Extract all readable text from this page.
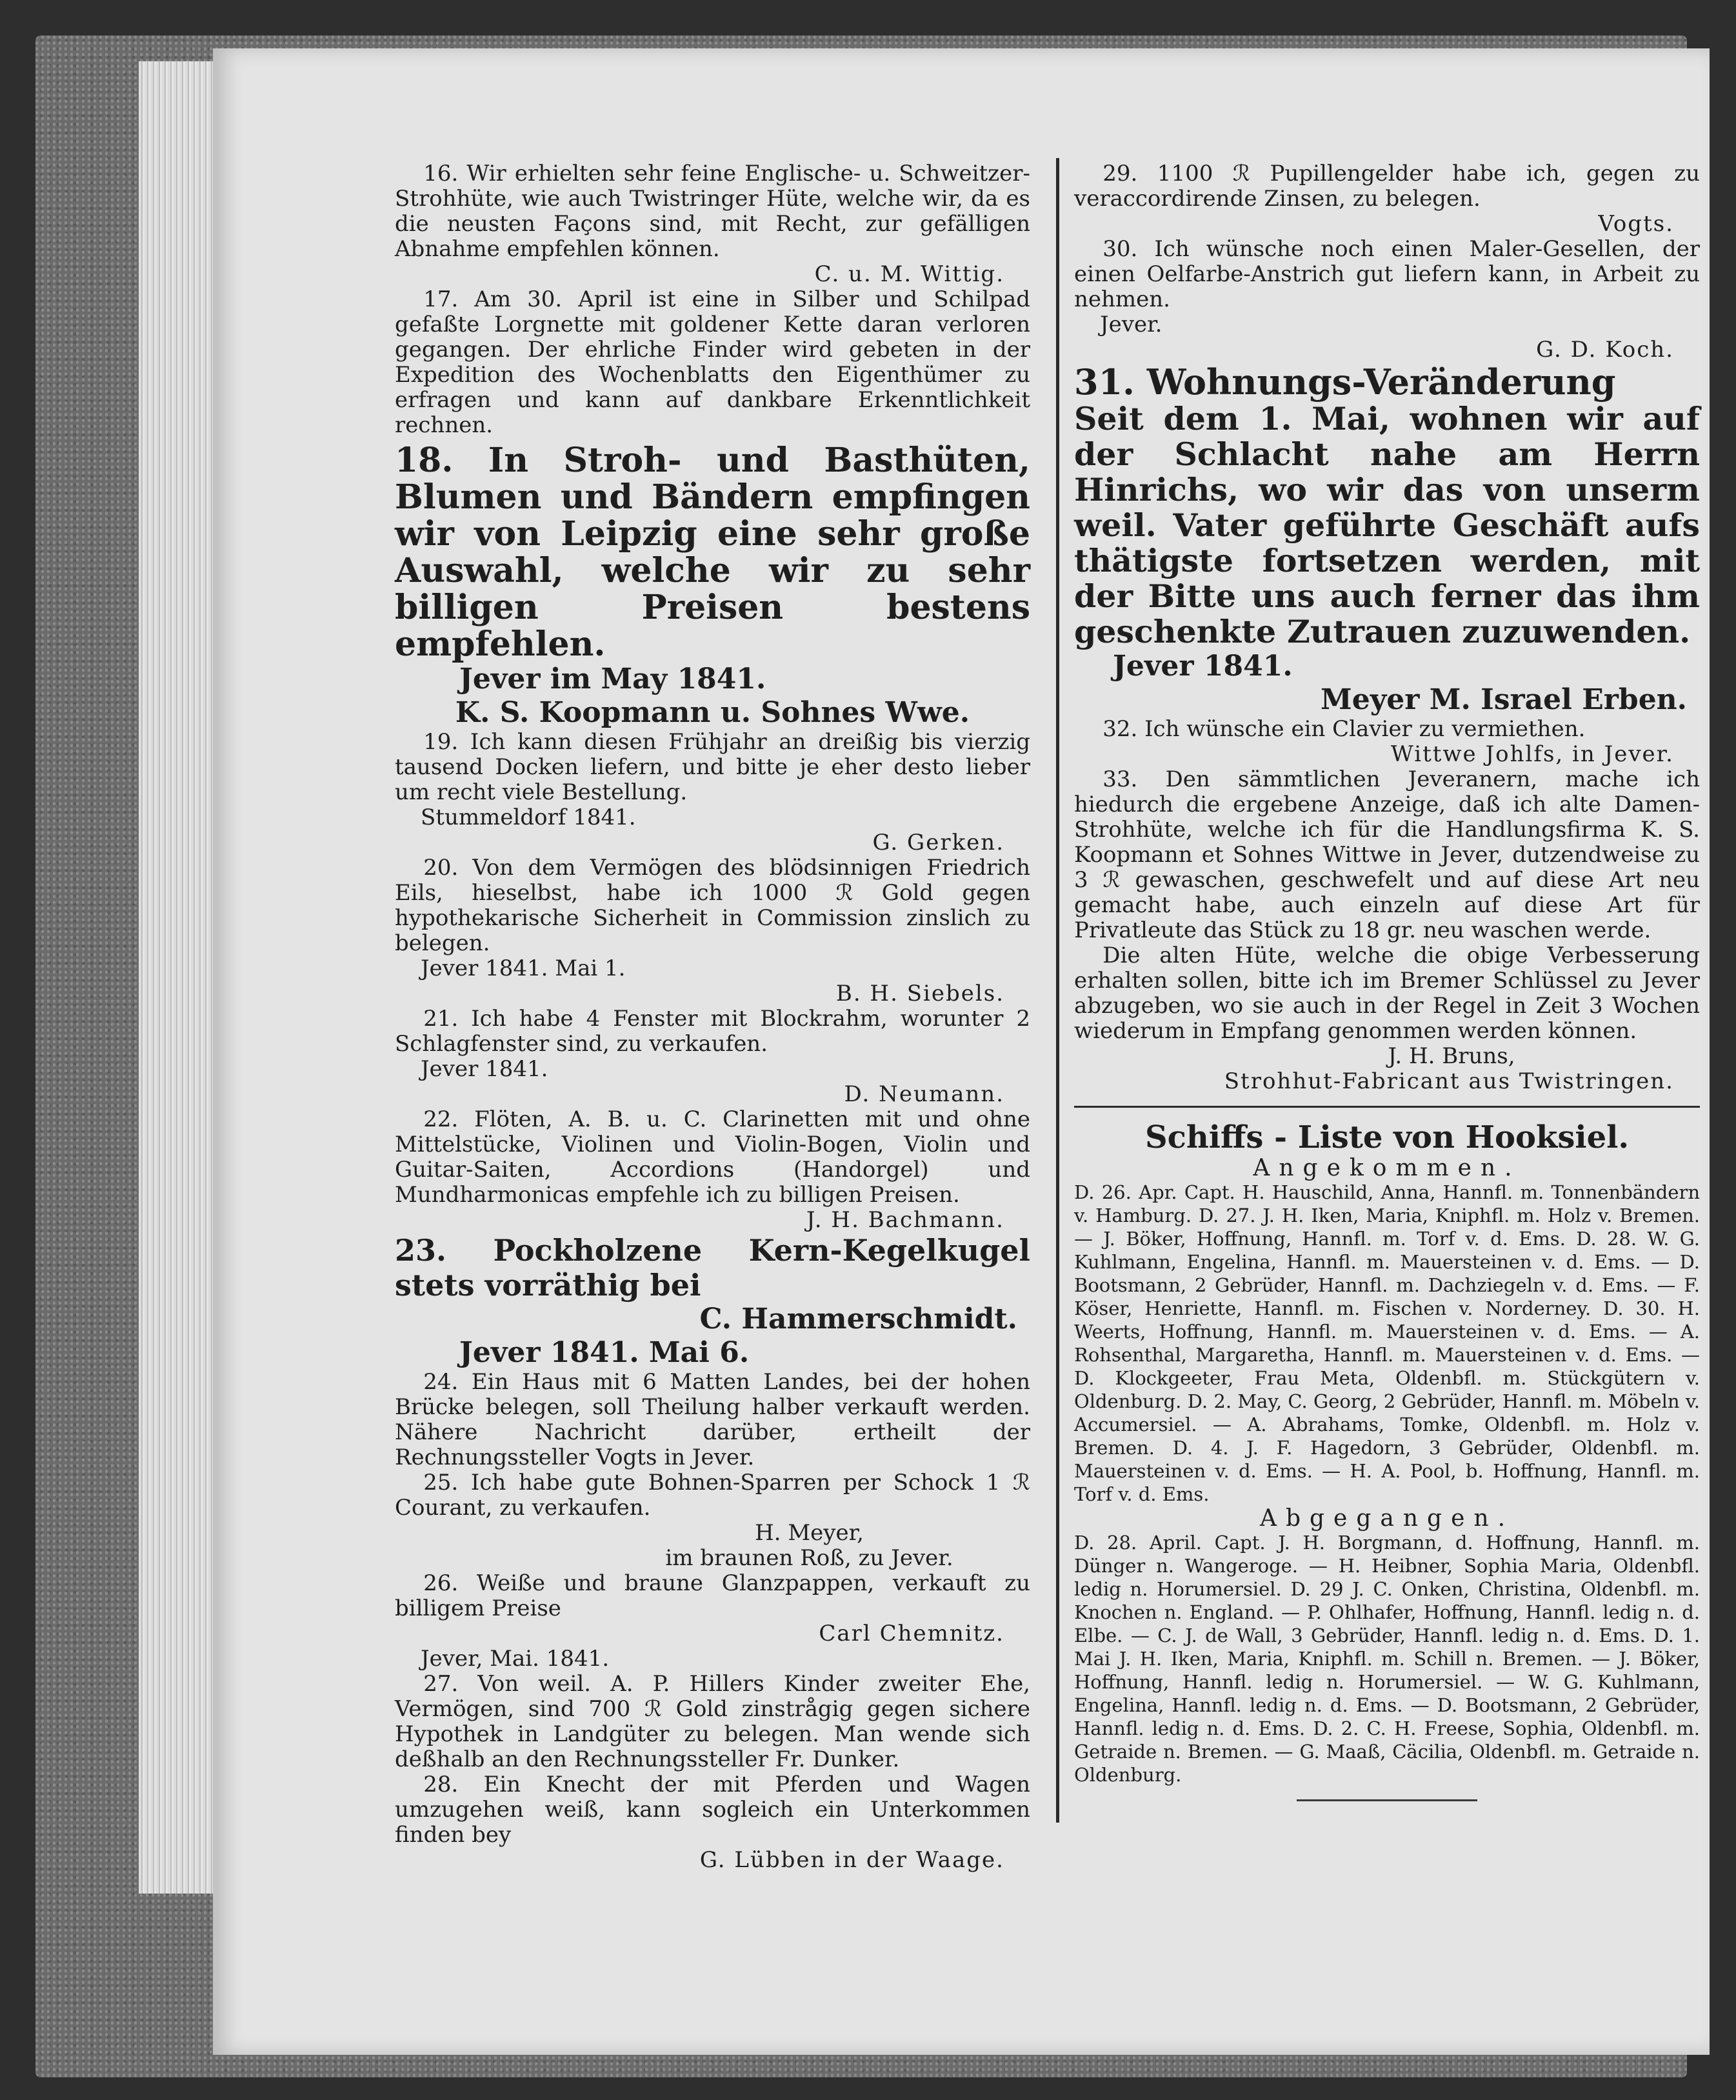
16. Wir erhielten sehr feine Englische- u. Schweitzer-Strohhüte, wie auch Twistringer Hüte, welche wir, da es die neusten Façons sind, mit Recht, zur gefälligen Abnahme empfehlen können.

C. u. M. Wittig.

17. Am 30. April ist eine in Silber und Schilpad gefaßte Lorgnette mit goldener Kette daran verloren gegangen. Der ehrliche Finder wird gebeten in der Expedition des Wochenblatts den Eigenthümer zu erfragen und kann auf dankbare Erkenntlichkeit rechnen.

18. In Stroh- und Basthüten, Blumen und Bändern empfingen wir von Leipzig eine sehr große Auswahl, welche wir zu sehr billigen Preisen bestens empfehlen.

Jever im May 1841.

K. S. Koopmann u. Sohnes Wwe.

19. Ich kann diesen Frühjahr an dreißig bis vierzig tausend Docken liefern, und bitte je eher desto lieber um recht viele Bestellung.

Stummeldorf 1841.

G. Gerken.

20. Von dem Vermögen des blödsinnigen Friedrich Eils, hieselbst, habe ich 1000 ℛ Gold gegen hypothekarische Sicherheit in Commission zinslich zu belegen.

Jever 1841. Mai 1.

B. H. Siebels.

21. Ich habe 4 Fenster mit Blockrahm, worunter 2 Schlagfenster sind, zu verkaufen.

Jever 1841.

D. Neumann.

22. Flöten, A. B. u. C. Clarinetten mit und ohne Mittelstücke, Violinen und Violin-Bogen, Violin und Guitar-Saiten, Accordions (Handorgel) und Mundharmonicas empfehle ich zu billigen Preisen.

J. H. Bachmann.

23. Pockholzene Kern-Kegelkugel stets vorräthig bei

C. Hammerschmidt.

Jever 1841. Mai 6.

24. Ein Haus mit 6 Matten Landes, bei der hohen Brücke belegen, soll Theilung halber verkauft werden. Nähere Nachricht darüber, ertheilt der Rechnungssteller Vogts in Jever.

25. Ich habe gute Bohnen-Sparren per Schock 1 ℛ Courant, zu verkaufen.

H. Meyer,

im braunen Roß, zu Jever.

26. Weiße und braune Glanzpappen, verkauft zu billigem Preise

Carl Chemnitz.

Jever, Mai. 1841.

27. Von weil. A. P. Hillers Kinder zweiter Ehe, Vermögen, sind 700 ℛ Gold zinstrågig gegen sichere Hypothek in Landgüter zu belegen. Man wende sich deßhalb an den Rechnungssteller Fr. Dunker.

28. Ein Knecht der mit Pferden und Wagen umzugehen weiß, kann sogleich ein Unterkommen finden bey

G. Lübben in der Waage.

29. 1100 ℛ Pupillengelder habe ich, gegen zu veraccordirende Zinsen, zu belegen.

Vogts.

30. Ich wünsche noch einen Maler-Gesellen, der einen Oelfarbe-Anstrich gut liefern kann, in Arbeit zu nehmen.

Jever.

G. D. Koch.

31. Wohnungs-Veränderung

Seit dem 1. Mai, wohnen wir auf der Schlacht nahe am Herrn Hinrichs, wo wir das von unserm weil. Vater geführte Geschäft aufs thätigste fortsetzen werden, mit der Bitte uns auch ferner das ihm geschenkte Zutrauen zuzuwenden.

Jever 1841.

Meyer M. Israel Erben.

32. Ich wünsche ein Clavier zu vermiethen.

Wittwe Johlfs, in Jever.

33. Den sämmtlichen Jeveranern, mache ich hiedurch die ergebene Anzeige, daß ich alte Damen-Strohhüte, welche ich für die Handlungsfirma K. S. Koopmann et Sohnes Wittwe in Jever, dutzendweise zu 3 ℛ gewaschen, geschwefelt und auf diese Art neu gemacht habe, auch einzeln auf diese Art für Privatleute das Stück zu 18 gr. neu waschen werde.

Die alten Hüte, welche die obige Verbesserung erhalten sollen, bitte ich im Bremer Schlüssel zu Jever abzugeben, wo sie auch in der Regel in Zeit 3 Wochen wiederum in Empfang genommen werden können.

J. H. Bruns,

Strohhut-Fabricant aus Twistringen.

Schiffs - Liste von Hooksiel.

Angekommen.

D. 26. Apr. Capt. H. Hauschild, Anna, Hannfl. m. Tonnenbändern v. Hamburg. D. 27. J. H. Iken, Maria, Kniphfl. m. Holz v. Bremen. — J. Böker, Hoffnung, Hannfl. m. Torf v. d. Ems. D. 28. W. G. Kuhlmann, Engelina, Hannfl. m. Mauersteinen v. d. Ems. — D. Bootsmann, 2 Gebrüder, Hannfl. m. Dachziegeln v. d. Ems. — F. Köser, Henriette, Hannfl. m. Fischen v. Norderney. D. 30. H. Weerts, Hoffnung, Hannfl. m. Mauersteinen v. d. Ems. — A. Rohsenthal, Margaretha, Hannfl. m. Mauersteinen v. d. Ems. — D. Klockgeeter, Frau Meta, Oldenbfl. m. Stückgütern v. Oldenburg. D. 2. May, C. Georg, 2 Gebrüder, Hannfl. m. Möbeln v. Accumersiel. — A. Abrahams, Tomke, Oldenbfl. m. Holz v. Bremen. D. 4. J. F. Hagedorn, 3 Gebrüder, Oldenbfl. m. Mauersteinen v. d. Ems. — H. A. Pool, b. Hoffnung, Hannfl. m. Torf v. d. Ems.

Abgegangen.

D. 28. April. Capt. J. H. Borgmann, d. Hoffnung, Hannfl. m. Dünger n. Wangeroge. — H. Heibner, Sophia Maria, Oldenbfl. ledig n. Horumersiel. D. 29 J. C. Onken, Christina, Oldenbfl. m. Knochen n. England. — P. Ohlhafer, Hoffnung, Hannfl. ledig n. d. Elbe. — C. J. de Wall, 3 Gebrüder, Hannfl. ledig n. d. Ems. D. 1. Mai J. H. Iken, Maria, Kniphfl. m. Schill n. Bremen. — J. Böker, Hoffnung, Hannfl. ledig n. Horumersiel. — W. G. Kuhlmann, Engelina, Hannfl. ledig n. d. Ems. — D. Bootsmann, 2 Gebrüder, Hannfl. ledig n. d. Ems. D. 2. C. H. Freese, Sophia, Oldenbfl. m. Getraide n. Bremen. — G. Maaß, Cäcilia, Oldenbfl. m. Getraide n. Oldenburg.
